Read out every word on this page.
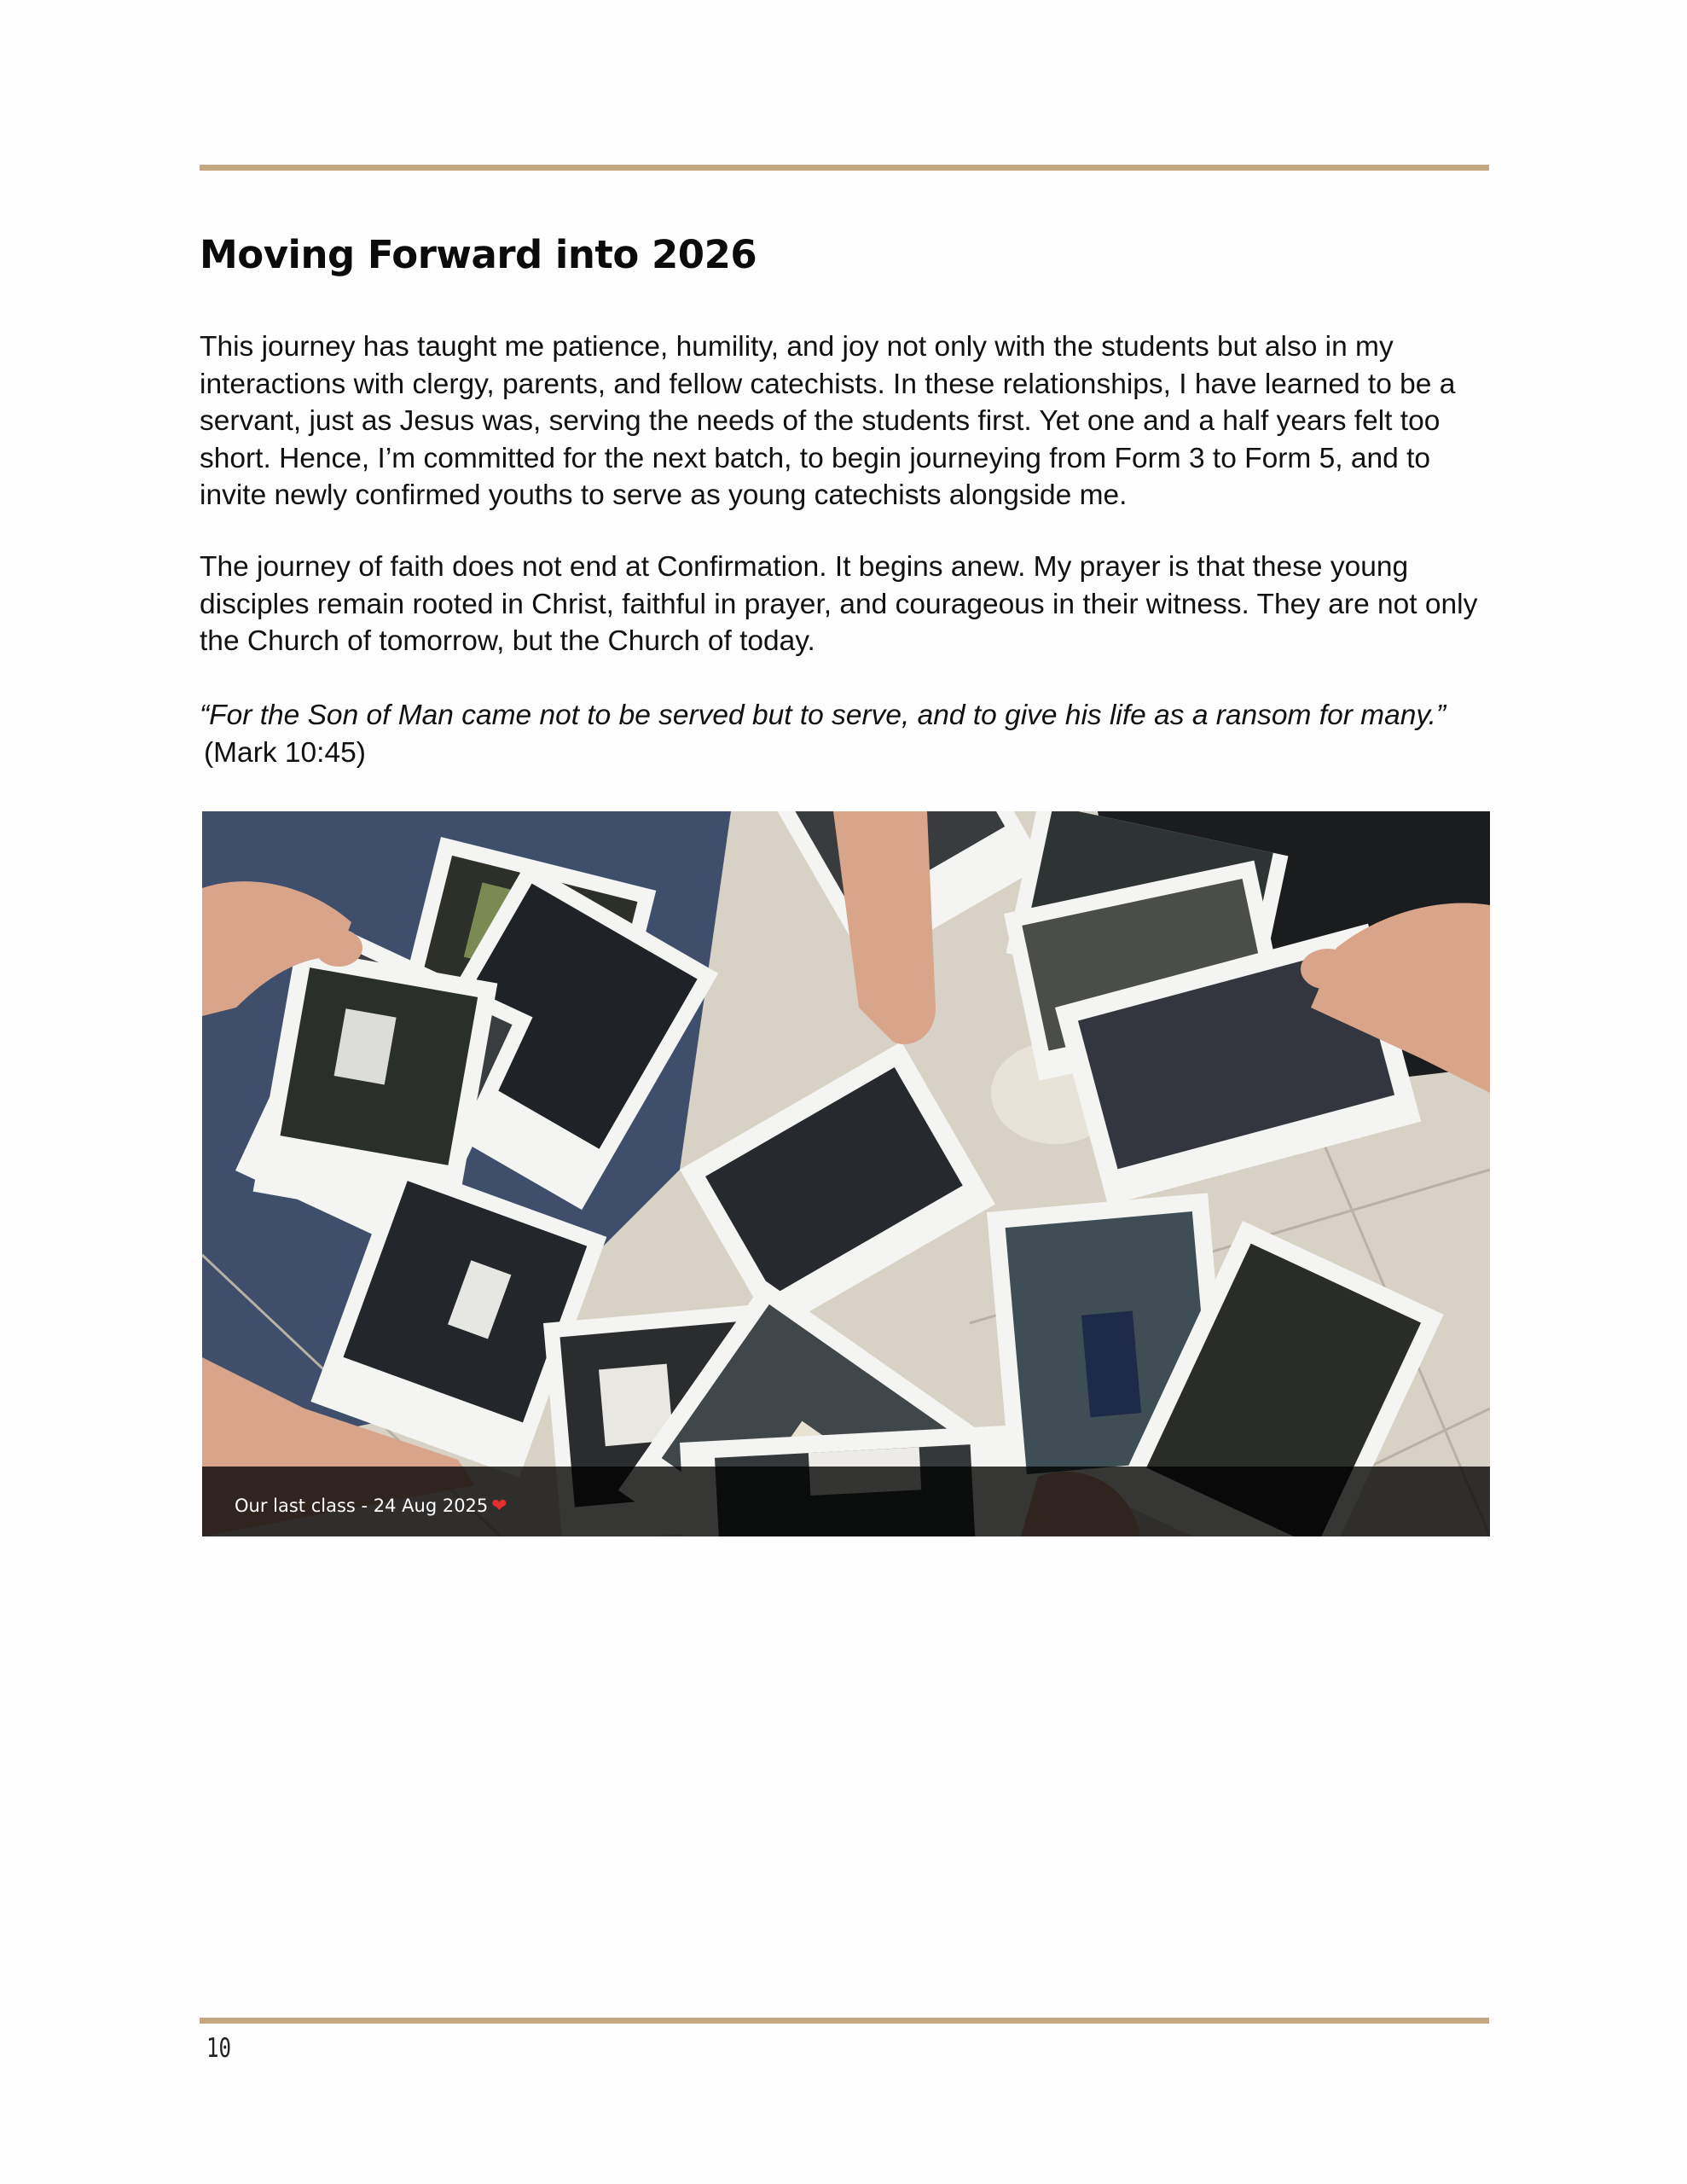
Moving Forward into 2026
This journey has taught me patience, humility, and joy not only with the students but also in my interactions with clergy, parents, and fellow catechists. In these relationships, I have learned to be a servant, just as Jesus was, serving the needs of the students first. Yet one and a half years felt too short. Hence, I’m committed for the next batch, to begin journeying from Form 3 to Form 5, and to invite newly confirmed youths to serve as young catechists alongside me.
The journey of faith does not end at Confirmation. It begins anew. My prayer is that these young disciples remain rooted in Christ, faithful in prayer, and courageous in their witness. They are not only the Church of tomorrow, but the Church of today.
“For the Son of Man came not to be served but to serve, and to give his life as a ransom for many.”
(Mark 10:45)
Our last class - 24 Aug 2025 ❤
10
